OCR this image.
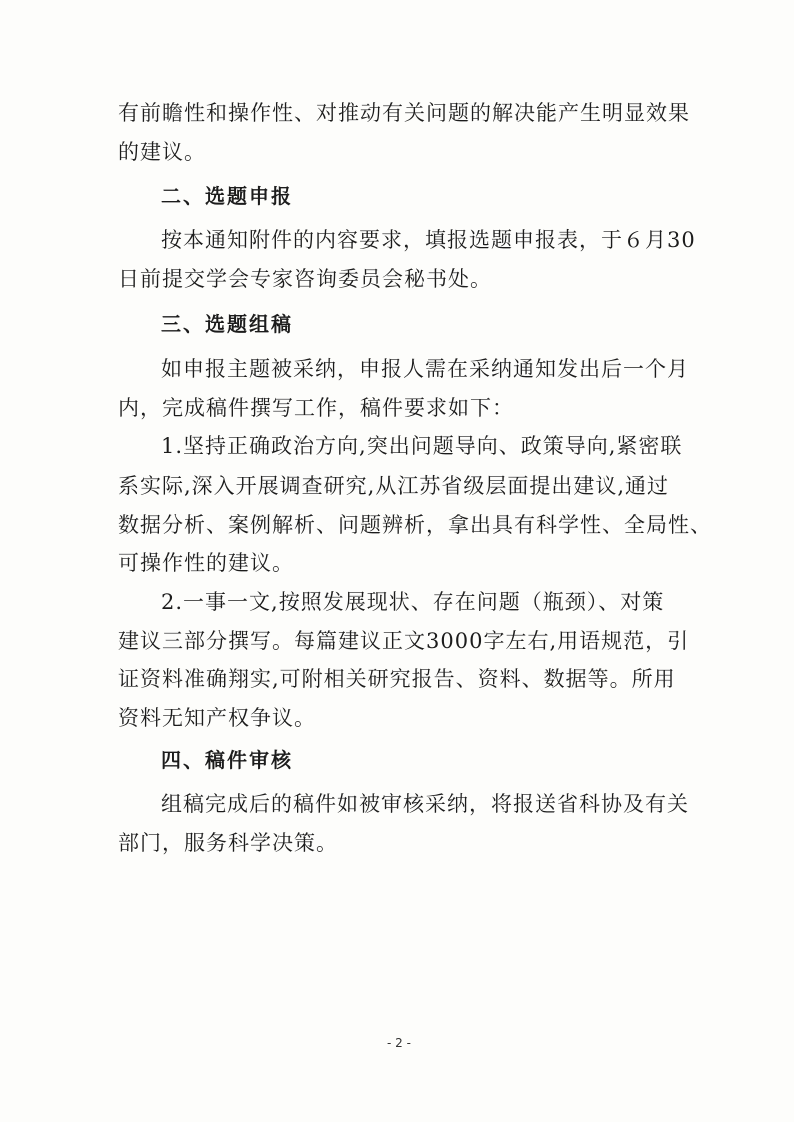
有前瞻性和操作性、对推动有关问题的解决能产生明显效果
的建议。
二、选题申报
按本通知附件的内容要求，填报选题申报表，于６月30
日前提交学会专家咨询委员会秘书处。
三、选题组稿
如申报主题被采纳，申报人需在采纳通知发出后一个月
内，完成稿件撰写工作，稿件要求如下：
1.坚持正确政治方向,突出问题导向、政策导向,紧密联
系实际,深入开展调查研究,从江苏省级层面提出建议,通过
数据分析、案例解析、问题辨析，拿出具有科学性、全局性、
可操作性的建议。
2.一事一文,按照发展现状、存在问题（瓶颈）、对策
建议三部分撰写。每篇建议正文3000字左右,用语规范，引
证资料准确翔实,可附相关研究报告、资料、数据等。所用
资料无知产权争议。
四、稿件审核
组稿完成后的稿件如被审核采纳，将报送省科协及有关
部门，服务科学决策。
- 2 -
